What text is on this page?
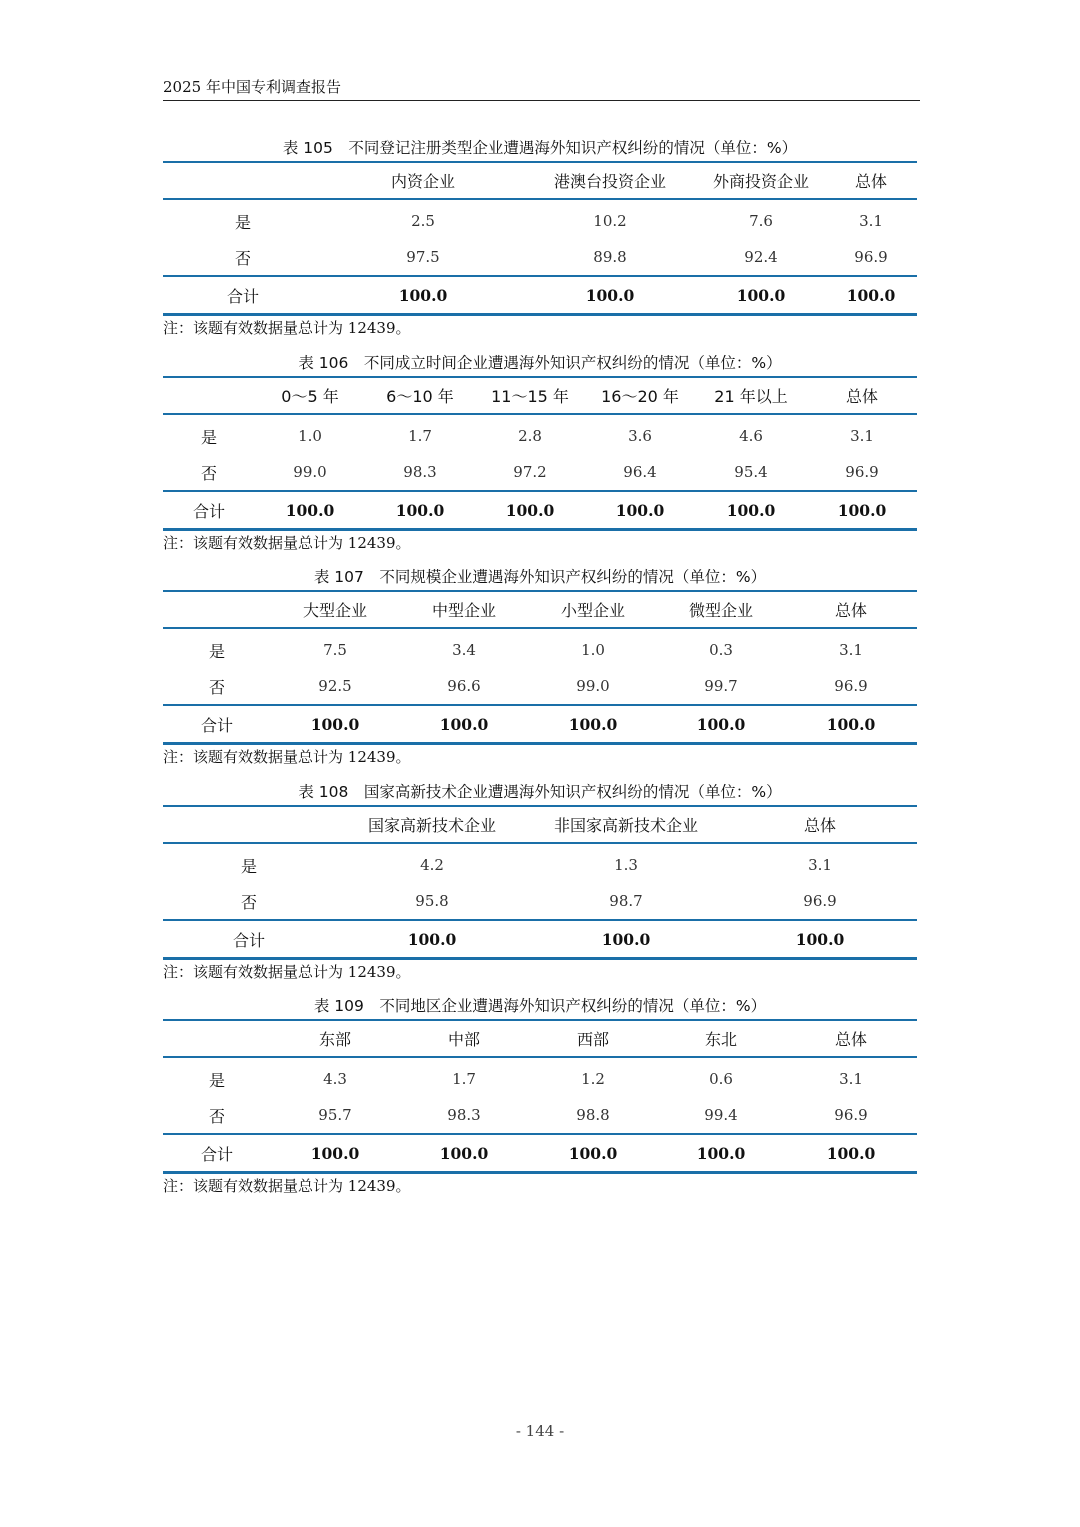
2025 年中国专利调查报告
表 105　不同登记注册类型企业遭遇海外知识产权纠纷的情况（单位：%）
	内资企业	港澳台投资企业	外商投资企业	总体
是	2.5	10.2	7.6	3.1
否	97.5	89.8	92.4	96.9
合计	100.0	100.0	100.0	100.0
注：该题有效数据量总计为 12439。
表 106　不同成立时间企业遭遇海外知识产权纠纷的情况（单位：%）
	0～5 年	6～10 年	11～15 年	16～20 年	21 年以上	总体
是	1.0	1.7	2.8	3.6	4.6	3.1
否	99.0	98.3	97.2	96.4	95.4	96.9
合计	100.0	100.0	100.0	100.0	100.0	100.0
注：该题有效数据量总计为 12439。
表 107　不同规模企业遭遇海外知识产权纠纷的情况（单位：%）
	大型企业	中型企业	小型企业	微型企业	总体
是	7.5	3.4	1.0	0.3	3.1
否	92.5	96.6	99.0	99.7	96.9
合计	100.0	100.0	100.0	100.0	100.0
注：该题有效数据量总计为 12439。
表 108　国家高新技术企业遭遇海外知识产权纠纷的情况（单位：%）
	国家高新技术企业	非国家高新技术企业	总体
是	4.2	1.3	3.1
否	95.8	98.7	96.9
合计	100.0	100.0	100.0
注：该题有效数据量总计为 12439。
表 109　不同地区企业遭遇海外知识产权纠纷的情况（单位：%）
	东部	中部	西部	东北	总体
是	4.3	1.7	1.2	0.6	3.1
否	95.7	98.3	98.8	99.4	96.9
合计	100.0	100.0	100.0	100.0	100.0
注：该题有效数据量总计为 12439。
- 144 -
